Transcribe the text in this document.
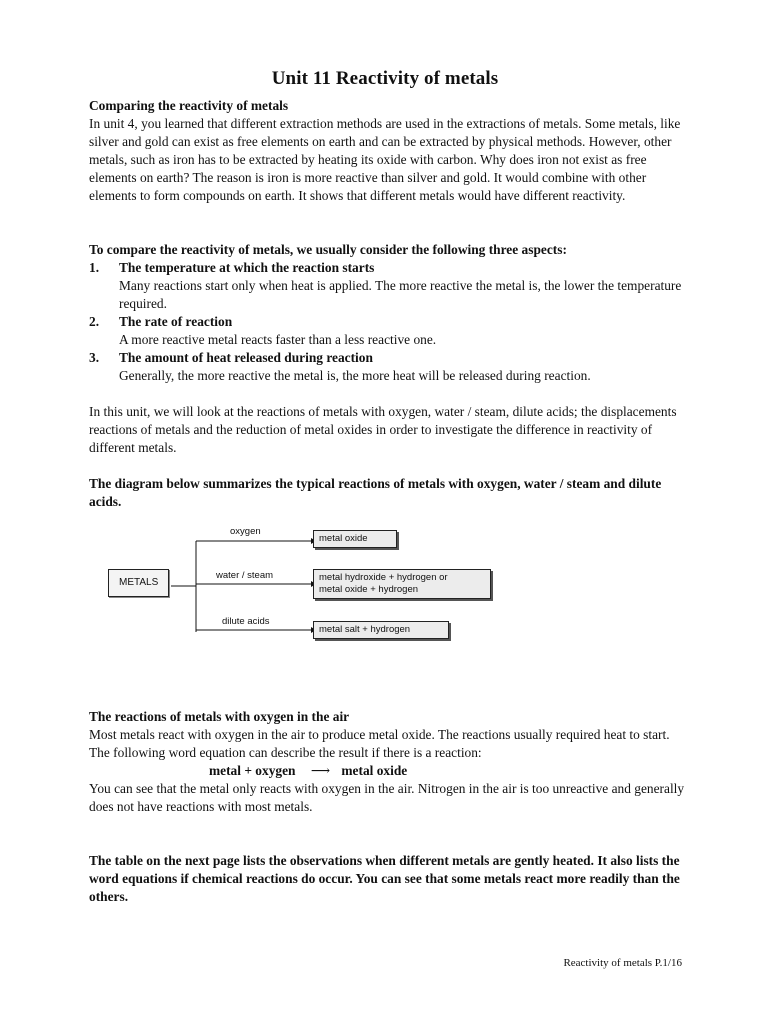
Unit 11 Reactivity of metals

Comparing the reactivity of metals

In unit 4, you learned that different extraction methods are used in the extractions of metals. Some metals, like silver and gold can exist as free elements on earth and can be extracted by physical methods. However, other metals, such as iron has to be extracted by heating its oxide with carbon. Why does iron not exist as free elements on earth? The reason is iron is more reactive than silver and gold. It would combine with other elements to form compounds on earth. It shows that different metals would have different reactivity.

To compare the reactivity of metals, we usually consider the following three aspects:

1. The temperature at which the reaction starts
Many reactions start only when heat is applied. The more reactive the metal is, the lower the temperature required.
2. The rate of reaction
A more reactive metal reacts faster than a less reactive one.
3. The amount of heat released during reaction
Generally, the more reactive the metal is, the more heat will be released during reaction.

In this unit, we will look at the reactions of metals with oxygen, water / steam, dilute acids; the displacements reactions of metals and the reduction of metal oxides in order to investigate the difference in reactivity of different metals.

The diagram below summarizes the typical reactions of metals with oxygen, water / steam and dilute acids.

METALS
oxygen
water / steam
dilute acids
metal oxide
metal hydroxide + hydrogen or
metal oxide + hydrogen
metal salt + hydrogen

The reactions of metals with oxygen in the air

Most metals react with oxygen in the air to produce metal oxide. The reactions usually required heat to start. The following word equation can describe the result if there is a reaction:

metal + oxygen ⟶ metal oxide

You can see that the metal only reacts with oxygen in the air. Nitrogen in the air is too unreactive and generally does not have reactions with most metals.

The table on the next page lists the observations when different metals are gently heated. It also lists the word equations if chemical reactions do occur. You can see that some metals react more readily than the others.

Reactivity of metals P.1/16
